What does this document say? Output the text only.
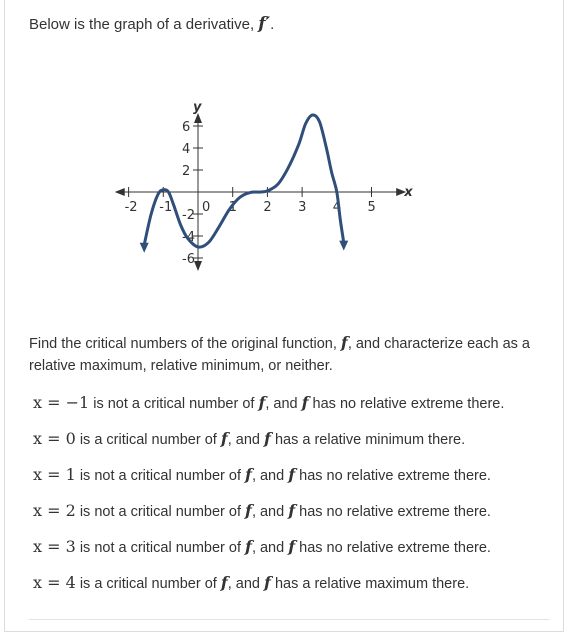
Below is the graph of a derivative, f′.
-2 -1 0 1 2 3 4 5
6
4
2
-2
-4
-6
x
y
Find the critical numbers of the original function, f, and characterize each as a relative maximum, relative minimum, or neither.
x = −1 is not a critical number of f, and f has no relative extreme there.
x = 0 is a critical number of f, and f has a relative minimum there.
x = 1 is not a critical number of f, and f has no relative extreme there.
x = 2 is not a critical number of f, and f has no relative extreme there.
x = 3 is not a critical number of f, and f has no relative extreme there.
x = 4 is a critical number of f, and f has a relative maximum there.
